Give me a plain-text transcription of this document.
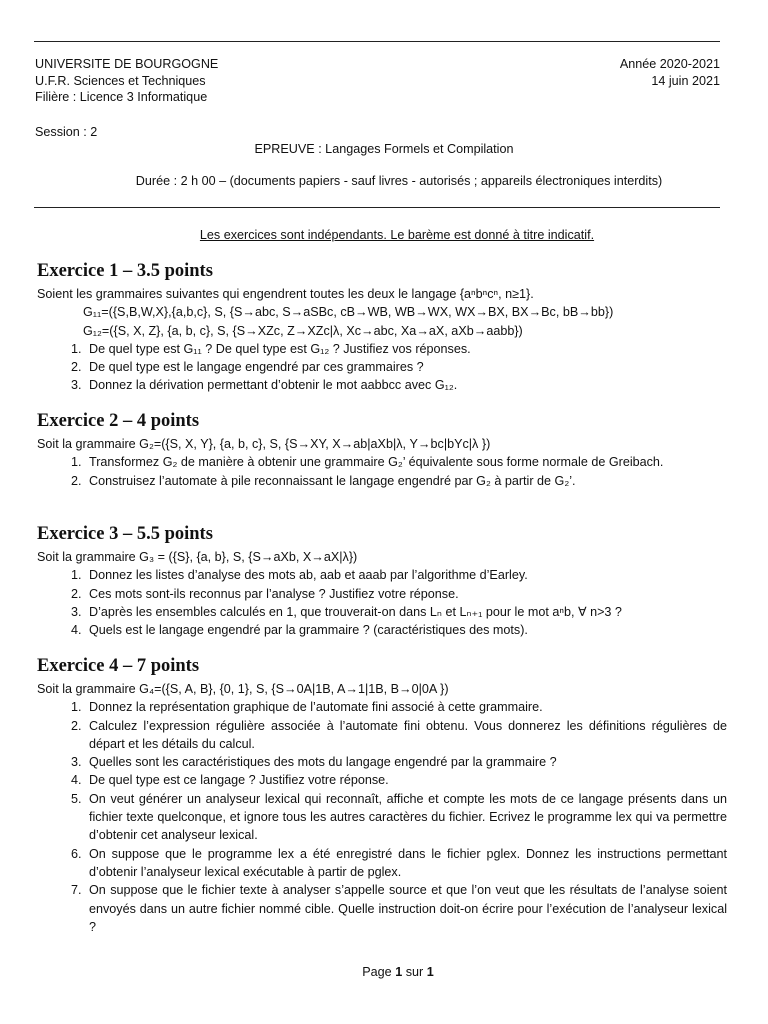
UNIVERSITE DE BOURGOGNE
U.F.R. Sciences et Techniques
Filière : Licence 3 Informatique
Année 2020-2021
14 juin 2021
Session : 2
EPREUVE : Langages Formels et Compilation
Durée : 2 h 00 – (documents papiers - sauf livres - autorisés ; appareils électroniques interdits)
Les exercices sont indépendants. Le barème est donné à titre indicatif.
Exercice 1 – 3.5 points
Soient les grammaires suivantes qui engendrent toutes les deux le langage {aⁿbⁿcⁿ, n≥1}.
G₁₁=({S,B,W,X},{a,b,c}, S, {S→abc, S→aSBc, cB→WB, WB→WX, WX→BX, BX→Bc, bB→bb})
G₁₂=({S, X, Z}, {a, b, c}, S, {S→XZc, Z→XZc|λ, Xc→abc, Xa→aX, aXb→aabb})
1. De quel type est G₁₁ ? De quel type est G₁₂ ? Justifiez vos réponses.
2. De quel type est le langage engendré par ces grammaires ?
3. Donnez la dérivation permettant d’obtenir le mot aabbcc avec G₁₂.
Exercice 2 – 4 points
Soit la grammaire G₂=({S, X, Y}, {a, b, c}, S, {S→XY, X→ab|aXb|λ, Y→bc|bYc|λ })
1. Transformez G₂ de manière à obtenir une grammaire G₂’ équivalente sous forme normale de Greibach.
2. Construisez l’automate à pile reconnaissant le langage engendré par G₂ à partir de G₂’.
Exercice 3 – 5.5 points
Soit la grammaire G₃ = ({S}, {a, b}, S, {S→aXb, X→aX|λ})
1. Donnez les listes d’analyse des mots ab, aab et aaab par l’algorithme d’Earley.
2. Ces mots sont-ils reconnus par l’analyse ? Justifiez votre réponse.
3. D’après les ensembles calculés en 1, que trouverait-on dans Lₙ et Lₙ₊₁ pour le mot aⁿb, ∀ n>3 ?
4. Quels est le langage engendré par la grammaire ? (caractéristiques des mots).
Exercice 4 – 7 points
Soit la grammaire G₄=({S, A, B}, {0, 1}, S, {S→0A|1B, A→1|1B, B→0|0A })
1. Donnez la représentation graphique de l’automate fini associé à cette grammaire.
2. Calculez l’expression régulière associée à l’automate fini obtenu. Vous donnerez les définitions régulières de départ et les détails du calcul.
3. Quelles sont les caractéristiques des mots du langage engendré par la grammaire ?
4. De quel type est ce langage ? Justifiez votre réponse.
5. On veut générer un analyseur lexical qui reconnaît, affiche et compte les mots de ce langage présents dans un fichier texte quelconque, et ignore tous les autres caractères du fichier. Ecrivez le programme lex qui va permettre d’obtenir cet analyseur lexical.
6. On suppose que le programme lex a été enregistré dans le fichier pglex. Donnez les instructions permettant d’obtenir l’analyseur lexical exécutable à partir de pglex.
7. On suppose que le fichier texte à analyser s’appelle source et que l’on veut que les résultats de l’analyse soient envoyés dans un autre fichier nommé cible. Quelle instruction doit-on écrire pour l’exécution de l’analyseur lexical ?
Page 1 sur 1
